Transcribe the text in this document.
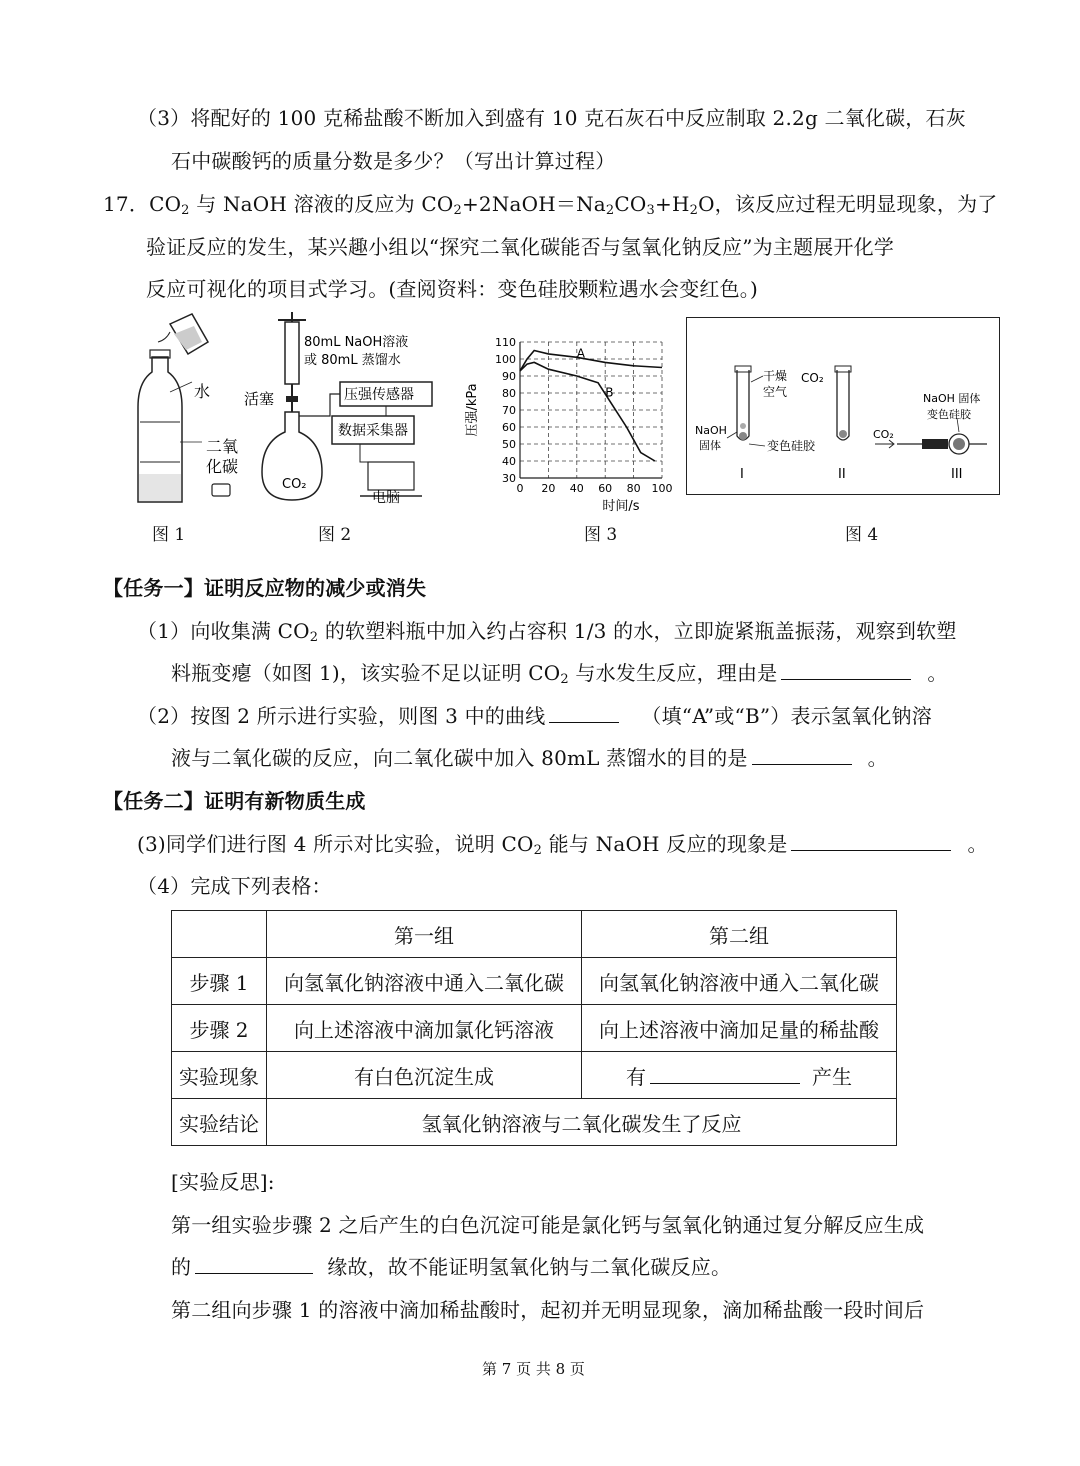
（3）将配好的 100 克稀盐酸不断加入到盛有 10 克石灰石中反应制取 2.2g 二氧化碳，石灰
石中碳酸钙的质量分数是多少？（写出计算过程）
17．$CO_2$ 与 NaOH 溶液的反应为 $CO_2+2NaOH=Na_2CO_3+H_2O$，该反应过程无明显现象，为了
验证反应的发生，某兴趣小组以“探究二氧化碳能否与氢氧化钠反应”为主题展开化学
反应可视化的项目式学习。(查阅资料：变色硅胶颗粒遇水会变红色。)
水
二氧
化碳
图 1
80mL NaOH溶液
或 80mL 蒸馏水
活塞	压强传感器
数据采集器
CO₂
电脑
图 2
30
40
50
60
70
80
90
100
110
0 20 40 60 80 100
A
B
时间/s
压强/kPa
图 3
干燥
空气
CO₂
NaOH
固体	变色硅胶
NaOH 固体
变色硅胶
CO₂
I	II	III
图 4
【任务一】证明反应物的减少或消失
（1）向收集满 $CO_2$ 的软塑料瓶中加入约占容积 1/3 的水，立即旋紧瓶盖振荡，观察到软塑
料瓶变瘪（如图 1)，该实验不足以证明 $CO_2$ 与水发生反应，理由是	。
（2）按图 2 所示进行实验，则图 3 中的曲线	（填“A”或“B”）表示氢氧化钠溶
液与二氧化碳的反应，向二氧化碳中加入 80mL 蒸馏水的目的是	。
【任务二】证明有新物质生成
(3)同学们进行图 4 所示对比实验，说明 $CO_2$ 能与 NaOH 反应的现象是	。
（4）完成下列表格：
	第一组	第二组
步骤 1	向氢氧化钠溶液中通入二氧化碳	向氢氧化钠溶液中通入二氧化碳
步骤 2	向上述溶液中滴加氯化钙溶液	向上述溶液中滴加足量的稀盐酸
实验现象	有白色沉淀生成	有 产生
实验结论	氢氧化钠溶液与二氧化碳发生了反应	
[实验反思]:
第一组实验步骤 2 之后产生的白色沉淀可能是氯化钙与氢氧化钠通过复分解反应生成
的	缘故，故不能证明氢氧化钠与二氧化碳反应。
第二组向步骤 1 的溶液中滴加稀盐酸时，起初并无明显现象，滴加稀盐酸一段时间后
第 7 页 共 8 页
